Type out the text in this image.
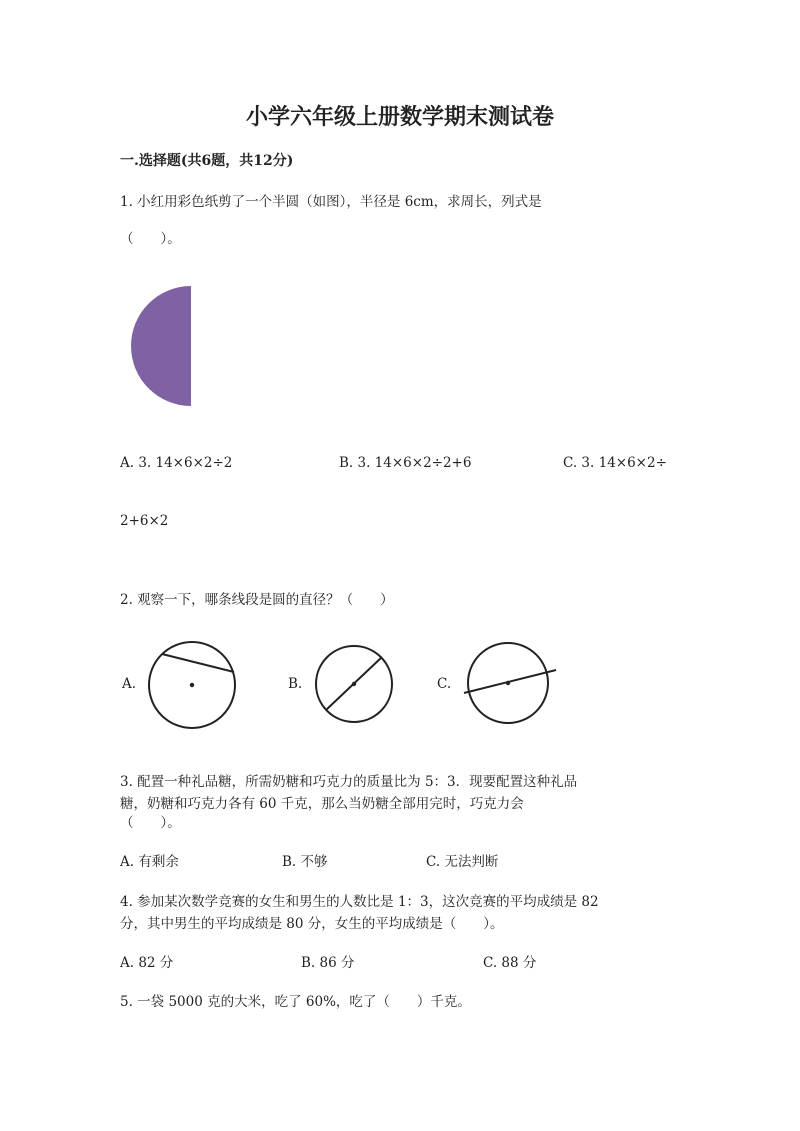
小学六年级上册数学期末测试卷
一.选择题(共6题，共12分)
1. 小红用彩色纸剪了一个半圆（如图），半径是 6cm，求周长，列式是
（　　）。
A. 3. 14×6×2÷2	B. 3. 14×6×2÷2+6	C. 3. 14×6×2÷
2+6×2
2. 观察一下，哪条线段是圆的直径？（　　）
A.	B.	C.
3. 配置一种礼品糖，所需奶糖和巧克力的质量比为 5：3．现要配置这种礼品
糖，奶糖和巧克力各有 60 千克，那么当奶糖全部用完时，巧克力会
（　　）。
A. 有剩余	B. 不够	C. 无法判断
4. 参加某次数学竞赛的女生和男生的人数比是 1：3，这次竞赛的平均成绩是 82
分，其中男生的平均成绩是 80 分，女生的平均成绩是（　　）。
A. 82 分	B. 86 分	C. 88 分
5. 一袋 5000 克的大米，吃了 60%，吃了（　　）千克。
